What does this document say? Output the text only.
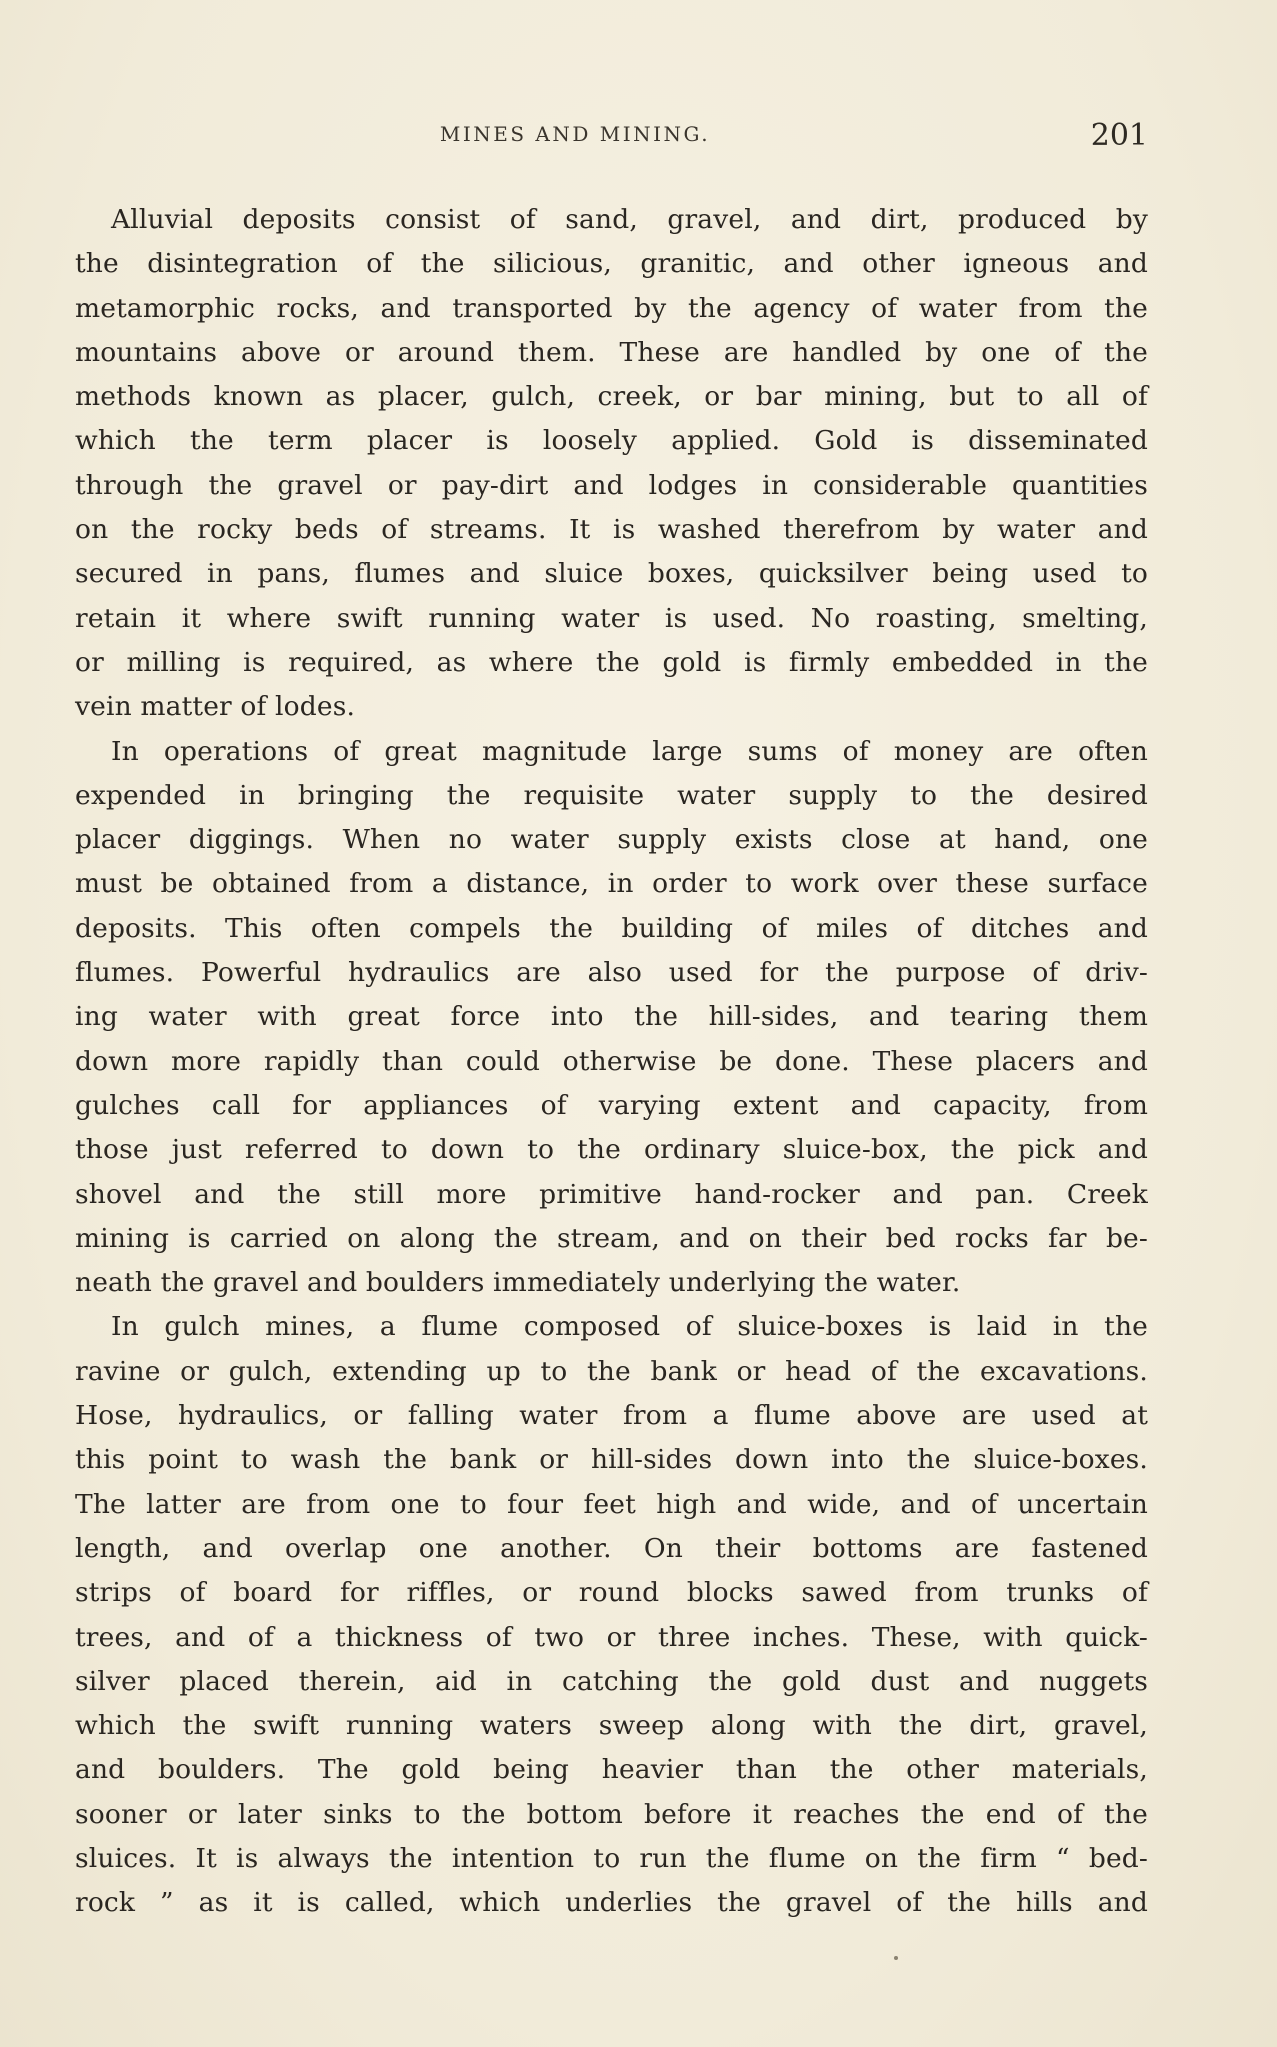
MINES AND MINING.	201
Alluvial deposits consist of sand, gravel, and dirt, produced by
the disintegration of the silicious, granitic, and other igneous and
metamorphic rocks, and transported by the agency of water from the
mountains above or around them. These are handled by one of the
methods known as placer, gulch, creek, or bar mining, but to all of
which the term placer is loosely applied. Gold is disseminated
through the gravel or pay-dirt and lodges in considerable quantities
on the rocky beds of streams. It is washed therefrom by water and
secured in pans, flumes and sluice boxes, quicksilver being used to
retain it where swift running water is used. No roasting, smelting,
or milling is required, as where the gold is firmly embedded in the
vein matter of lodes.
In operations of great magnitude large sums of money are often
expended in bringing the requisite water supply to the desired
placer diggings. When no water supply exists close at hand, one
must be obtained from a distance, in order to work over these surface
deposits. This often compels the building of miles of ditches and
flumes. Powerful hydraulics are also used for the purpose of driv-
ing water with great force into the hill-sides, and tearing them
down more rapidly than could otherwise be done. These placers and
gulches call for appliances of varying extent and capacity, from
those just referred to down to the ordinary sluice-box, the pick and
shovel and the still more primitive hand-rocker and pan. Creek
mining is carried on along the stream, and on their bed rocks far be-
neath the gravel and boulders immediately underlying the water.
In gulch mines, a flume composed of sluice-boxes is laid in the
ravine or gulch, extending up to the bank or head of the excavations.
Hose, hydraulics, or falling water from a flume above are used at
this point to wash the bank or hill-sides down into the sluice-boxes.
The latter are from one to four feet high and wide, and of uncertain
length, and overlap one another. On their bottoms are fastened
strips of board for riffles, or round blocks sawed from trunks of
trees, and of a thickness of two or three inches. These, with quick-
silver placed therein, aid in catching the gold dust and nuggets
which the swift running waters sweep along with the dirt, gravel,
and boulders. The gold being heavier than the other materials,
sooner or later sinks to the bottom before it reaches the end of the
sluices. It is always the intention to run the flume on the firm “ bed-
rock ” as it is called, which underlies the gravel of the hills and
